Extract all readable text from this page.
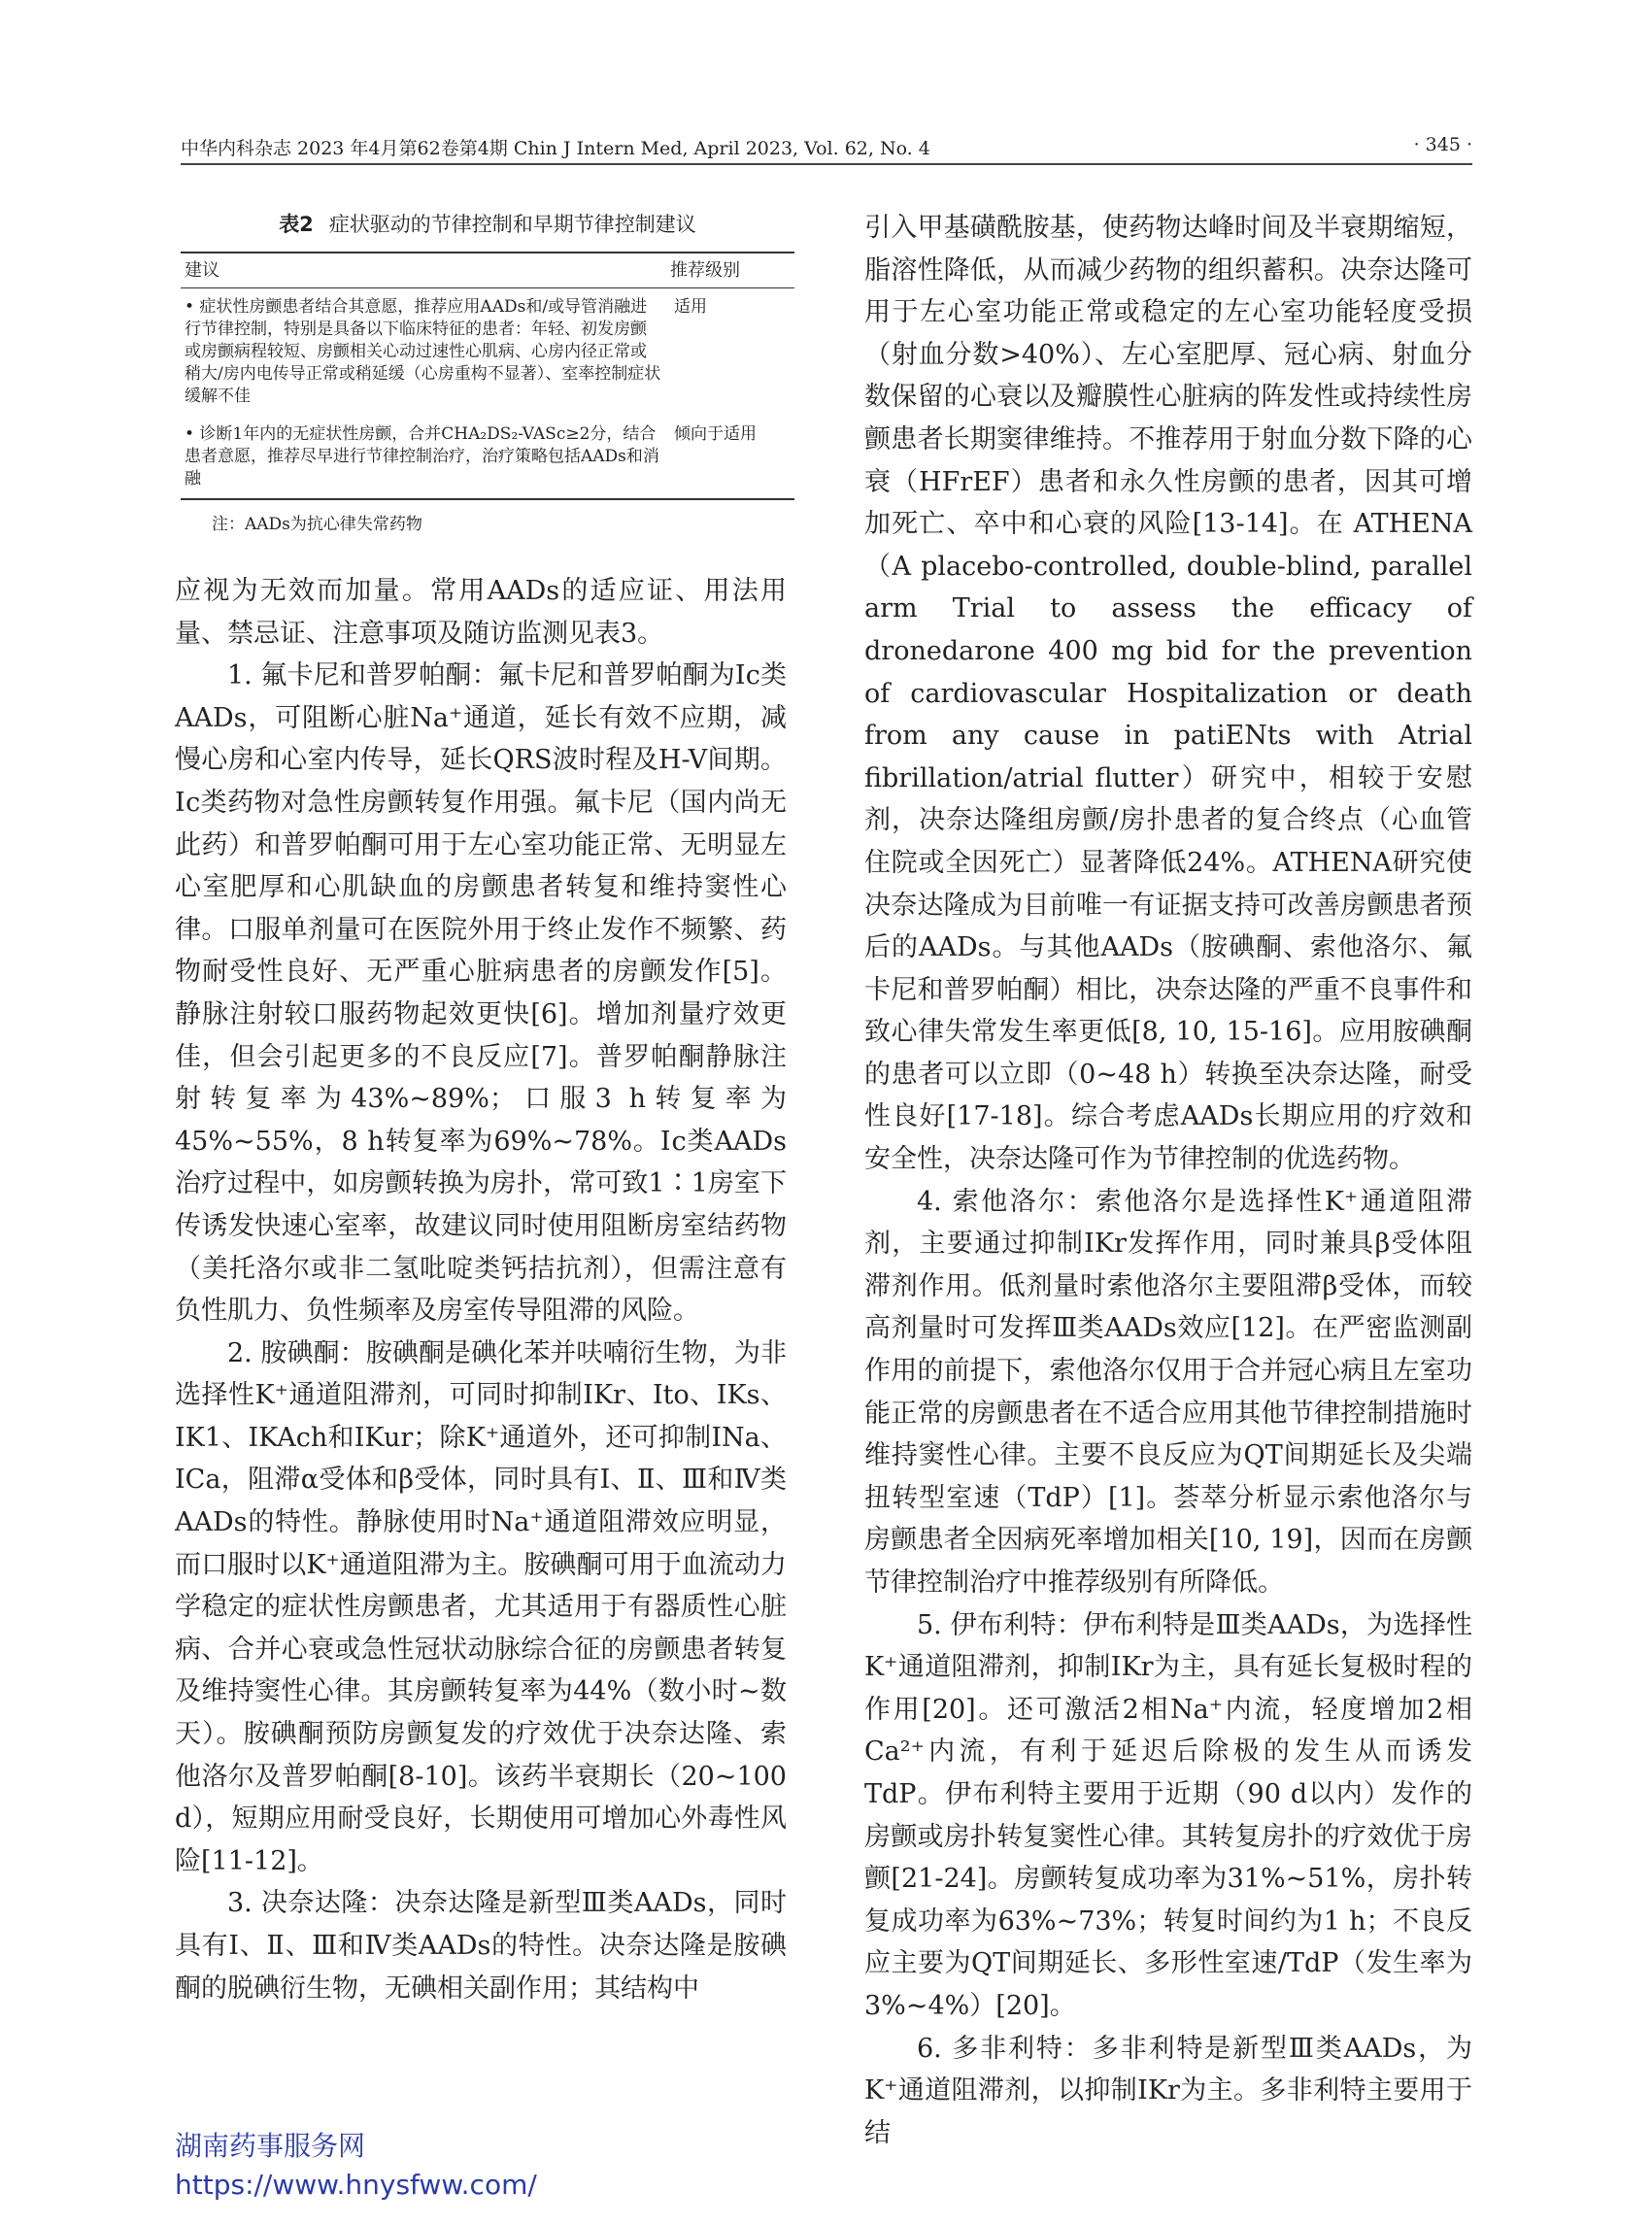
中华内科杂志 2023 年4月第62卷第4期 Chin J Intern Med, April 2023, Vol. 62, No. 4	· 345 ·
表2 症状驱动的节律控制和早期节律控制建议
建议	推荐级别
• 症状性房颤患者结合其意愿，推荐应用AADs和/或导管消融进行节律控制，特别是具备以下临床特征的患者：年轻、初发房颤或房颤病程较短、房颤相关心动过速性心肌病、心房内径正常或稍大/房内电传导正常或稍延缓（心房重构不显著）、室率控制症状缓解不佳	适用
• 诊断1年内的无症状性房颤，合并CHA₂DS₂-VASc≥2分，结合患者意愿，推荐尽早进行节律控制治疗，治疗策略包括AADs和消融	倾向于适用
注：AADs为抗心律失常药物

应视为无效而加量。常用AADs的适应证、用法用量、禁忌证、注意事项及随访监测见表3。

1. 氟卡尼和普罗帕酮：氟卡尼和普罗帕酮为Ⅰc类AADs，可阻断心脏Na⁺通道，延长有效不应期，减慢心房和心室内传导，延长QRS波时程及H-V间期。Ⅰc类药物对急性房颤转复作用强。氟卡尼（国内尚无此药）和普罗帕酮可用于左心室功能正常、无明显左心室肥厚和心肌缺血的房颤患者转复和维持窦性心律。口服单剂量可在医院外用于终止发作不频繁、药物耐受性良好、无严重心脏病患者的房颤发作[5]。静脉注射较口服药物起效更快[6]。增加剂量疗效更佳，但会引起更多的不良反应[7]。普罗帕酮静脉注射转复率为43%~89%；口服3 h转复率为45%~55%，8 h转复率为69%~78%。Ⅰc类AADs治疗过程中，如房颤转换为房扑，常可致1∶1房室下传诱发快速心室率，故建议同时使用阻断房室结药物（美托洛尔或非二氢吡啶类钙拮抗剂），但需注意有负性肌力、负性频率及房室传导阻滞的风险。

2. 胺碘酮：胺碘酮是碘化苯并呋喃衍生物，为非选择性K⁺通道阻滞剂，可同时抑制IKr、Ito、IKs、IK1、IKAch和IKur；除K⁺通道外，还可抑制INa、ICa，阻滞α受体和β受体，同时具有Ⅰ、Ⅱ、Ⅲ和Ⅳ类AADs的特性。静脉使用时Na⁺通道阻滞效应明显，而口服时以K⁺通道阻滞为主。胺碘酮可用于血流动力学稳定的症状性房颤患者，尤其适用于有器质性心脏病、合并心衰或急性冠状动脉综合征的房颤患者转复及维持窦性心律。其房颤转复率为44%（数小时~数天）。胺碘酮预防房颤复发的疗效优于决奈达隆、索他洛尔及普罗帕酮[8-10]。该药半衰期长（20~100 d），短期应用耐受良好，长期使用可增加心外毒性风险[11-12]。

3. 决奈达隆：决奈达隆是新型Ⅲ类AADs，同时具有Ⅰ、Ⅱ、Ⅲ和Ⅳ类AADs的特性。决奈达隆是胺碘酮的脱碘衍生物，无碘相关副作用；其结构中

引入甲基磺酰胺基，使药物达峰时间及半衰期缩短，脂溶性降低，从而减少药物的组织蓄积。决奈达隆可用于左心室功能正常或稳定的左心室功能轻度受损（射血分数>40%）、左心室肥厚、冠心病、射血分数保留的心衰以及瓣膜性心脏病的阵发性或持续性房颤患者长期窦律维持。不推荐用于射血分数下降的心衰（HFrEF）患者和永久性房颤的患者，因其可增加死亡、卒中和心衰的风险[13-14]。在 ATHENA（A placebo-controlled, double-blind, parallel arm Trial to assess the efficacy of dronedarone 400 mg bid for the prevention of cardiovascular Hospitalization or death from any cause in patiENts with Atrial fibrillation/atrial flutter）研究中，相较于安慰剂，决奈达隆组房颤/房扑患者的复合终点（心血管住院或全因死亡）显著降低24%。ATHENA研究使决奈达隆成为目前唯一有证据支持可改善房颤患者预后的AADs。与其他AADs（胺碘酮、索他洛尔、氟卡尼和普罗帕酮）相比，决奈达隆的严重不良事件和致心律失常发生率更低[8, 10, 15-16]。应用胺碘酮的患者可以立即（0~48 h）转换至决奈达隆，耐受性良好[17-18]。综合考虑AADs长期应用的疗效和安全性，决奈达隆可作为节律控制的优选药物。

4. 索他洛尔：索他洛尔是选择性K⁺通道阻滞剂，主要通过抑制IKr发挥作用，同时兼具β受体阻滞剂作用。低剂量时索他洛尔主要阻滞β受体，而较高剂量时可发挥Ⅲ类AADs效应[12]。在严密监测副作用的前提下，索他洛尔仅用于合并冠心病且左室功能正常的房颤患者在不适合应用其他节律控制措施时维持窦性心律。主要不良反应为QT间期延长及尖端扭转型室速（TdP）[1]。荟萃分析显示索他洛尔与房颤患者全因病死率增加相关[10, 19]，因而在房颤节律控制治疗中推荐级别有所降低。

5. 伊布利特：伊布利特是Ⅲ类AADs，为选择性K⁺通道阻滞剂，抑制IKr为主，具有延长复极时程的作用[20]。还可激活2相Na⁺内流，轻度增加2相Ca²⁺内流，有利于延迟后除极的发生从而诱发TdP。伊布利特主要用于近期（90 d以内）发作的房颤或房扑转复窦性心律。其转复房扑的疗效优于房颤[21-24]。房颤转复成功率为31%~51%，房扑转复成功率为63%~73%；转复时间约为1 h；不良反应主要为QT间期延长、多形性室速/TdP（发生率为3%~4%）[20]。

6. 多非利特：多非利特是新型Ⅲ类AADs，为K⁺通道阻滞剂，以抑制IKr为主。多非利特主要用于结

湖南药事服务网
https://www.hnysfww.com/
